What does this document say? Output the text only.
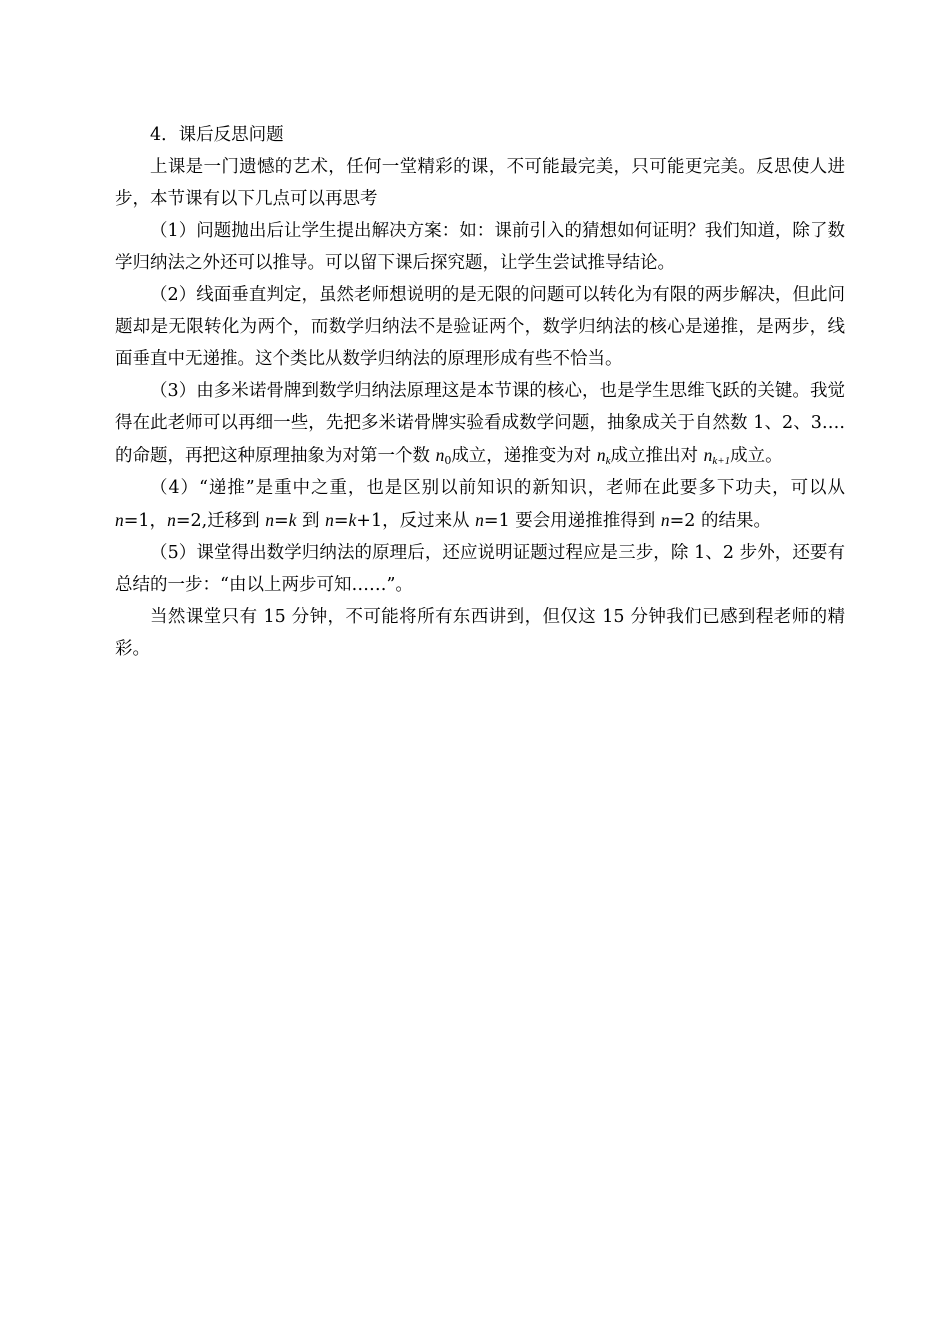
4．课后反思问题

上课是一门遗憾的艺术，任何一堂精彩的课，不可能最完美，只可能更完美。反思使人进步，本节课有以下几点可以再思考

（1）问题抛出后让学生提出解决方案：如：课前引入的猜想如何证明？我们知道，除了数学归纳法之外还可以推导。可以留下课后探究题，让学生尝试推导结论。

（2）线面垂直判定，虽然老师想说明的是无限的问题可以转化为有限的两步解决，但此问题却是无限转化为两个，而数学归纳法不是验证两个，数学归纳法的核心是递推，是两步，线面垂直中无递推。这个类比从数学归纳法的原理形成有些不恰当。

（3）由多米诺骨牌到数学归纳法原理这是本节课的核心，也是学生思维飞跃的关键。我觉得在此老师可以再细一些，先把多米诺骨牌实验看成数学问题，抽象成关于自然数 1、2、3….的命题，再把这种原理抽象为对第一个数 $n_0$成立，递推变为对 $n_k$成立推出对 $n_{k+1}$成立。

（4）“递推”是重中之重，也是区别以前知识的新知识，老师在此要多下功夫，可以从 n=1，n=2,迁移到 n=k 到 n=k+1，反过来从 n=1 要会用递推推得到 n=2 的结果。

（5）课堂得出数学归纳法的原理后，还应说明证题过程应是三步，除 1、2 步外，还要有总结的一步：“由以上两步可知……”。

当然课堂只有 15 分钟，不可能将所有东西讲到，但仅这 15 分钟我们已感到程老师的精彩。
